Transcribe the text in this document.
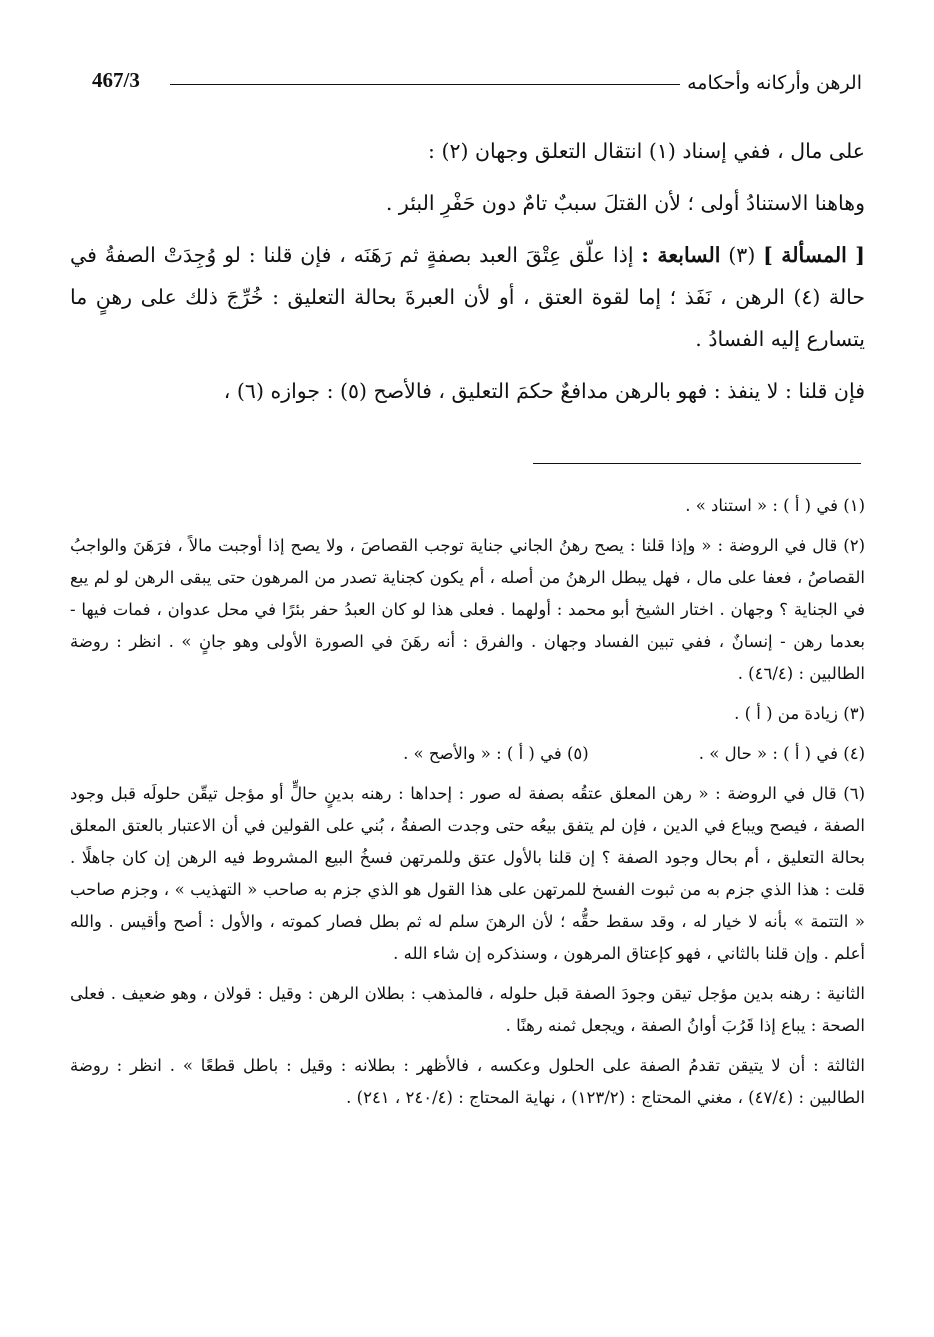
467/3	الرهن وأركانه وأحكامه

على مال ، ففي إسناد (١) انتقال التعلق وجهان (٢) :

وهاهنا الاستنادُ أولى ؛ لأن القتلَ سببٌ تامٌ دون حَفْرِ البئر .

[ المسألة ] (٣) السابعة : إذا علّق عِتْقَ العبد بصفةٍ ثم رَهَنَه ، فإن قلنا : لو وُجِدَتْ الصفةُ في حالة (٤) الرهن ، نَفَذ ؛ إما لقوة العتق ، أو لأن العبرةَ بحالة التعليق : خُرِّجَ ذلك على رهنٍ ما يتسارع إليه الفسادُ .

فإن قلنا : لا ينفذ : فهو بالرهن مدافعٌ حكمَ التعليق ، فالأصح (٥) : جوازه (٦) ،

(١) في ( أ ) : « استناد » .

(٢) قال في الروضة : « وإذا قلنا : يصح رهنُ الجاني جناية توجب القصاصَ ، ولا يصح إذا أوجبت مالاً ، فرَهَنَ والواجبُ القصاصُ ، فعفا على مال ، فهل يبطل الرهنُ من أصله ، أم يكون كجناية تصدر من المرهون حتى يبقى الرهن لو لم يبع في الجناية ؟ وجهان . اختار الشيخ أبو محمد : أولهما . فعلى هذا لو كان العبدُ حفر بئرًا في محل عدوان ، فمات فيها - بعدما رهن - إنسانٌ ، ففي تبين الفساد وجهان . والفرق : أنه رهَنَ في الصورة الأولى وهو جانٍ » . انظر : روضة الطالبين : (٤٦/٤) .

(٣) زيادة من ( أ ) .

(٤) في ( أ ) : « حال » .
(٥) في ( أ ) : « والأصح » .

(٦) قال في الروضة : « رهن المعلق عتقُه بصفة له صور : إحداها : رهنه بدينٍ حالٍّ أو مؤجل تيقّن حلولَه قبل وجود الصفة ، فيصح ويباع في الدين ، فإن لم يتفق بيعُه حتى وجدت الصفةُ ، بُني على القولين في أن الاعتبار بالعتق المعلق بحالة التعليق ، أم بحال وجود الصفة ؟ إن قلنا بالأول عتق وللمرتهن فسخُ البيع المشروط فيه الرهن إن كان جاهلًا . قلت : هذا الذي جزم به من ثبوت الفسخ للمرتهن على هذا القول هو الذي جزم به صاحب « التهذيب » ، وجزم صاحب « التتمة » بأنه لا خيار له ، وقد سقط حقُّه ؛ لأن الرهنَ سلم له ثم بطل فصار كموته ، والأول : أصح وأقيس . والله أعلم . وإن قلنا بالثاني ، فهو كإعتاق المرهون ، وسنذكره إن شاء الله .

الثانية : رهنه بدين مؤجل تيقن وجودَ الصفة قبل حلوله ، فالمذهب : بطلان الرهن : وقيل : قولان ، وهو ضعيف . فعلى الصحة : يباع إذا قَرُبَ أوانُ الصفة ، ويجعل ثمنه رهنًا .

الثالثة : أن لا يتيقن تقدمُ الصفة على الحلول وعكسه ، فالأظهر : بطلانه : وقيل : باطل قطعًا » . انظر : روضة الطالبين : (٤٧/٤) ، مغني المحتاج : (١٢٣/٢) ، نهاية المحتاج : (٢٤٠/٤ ، ٢٤١) .
